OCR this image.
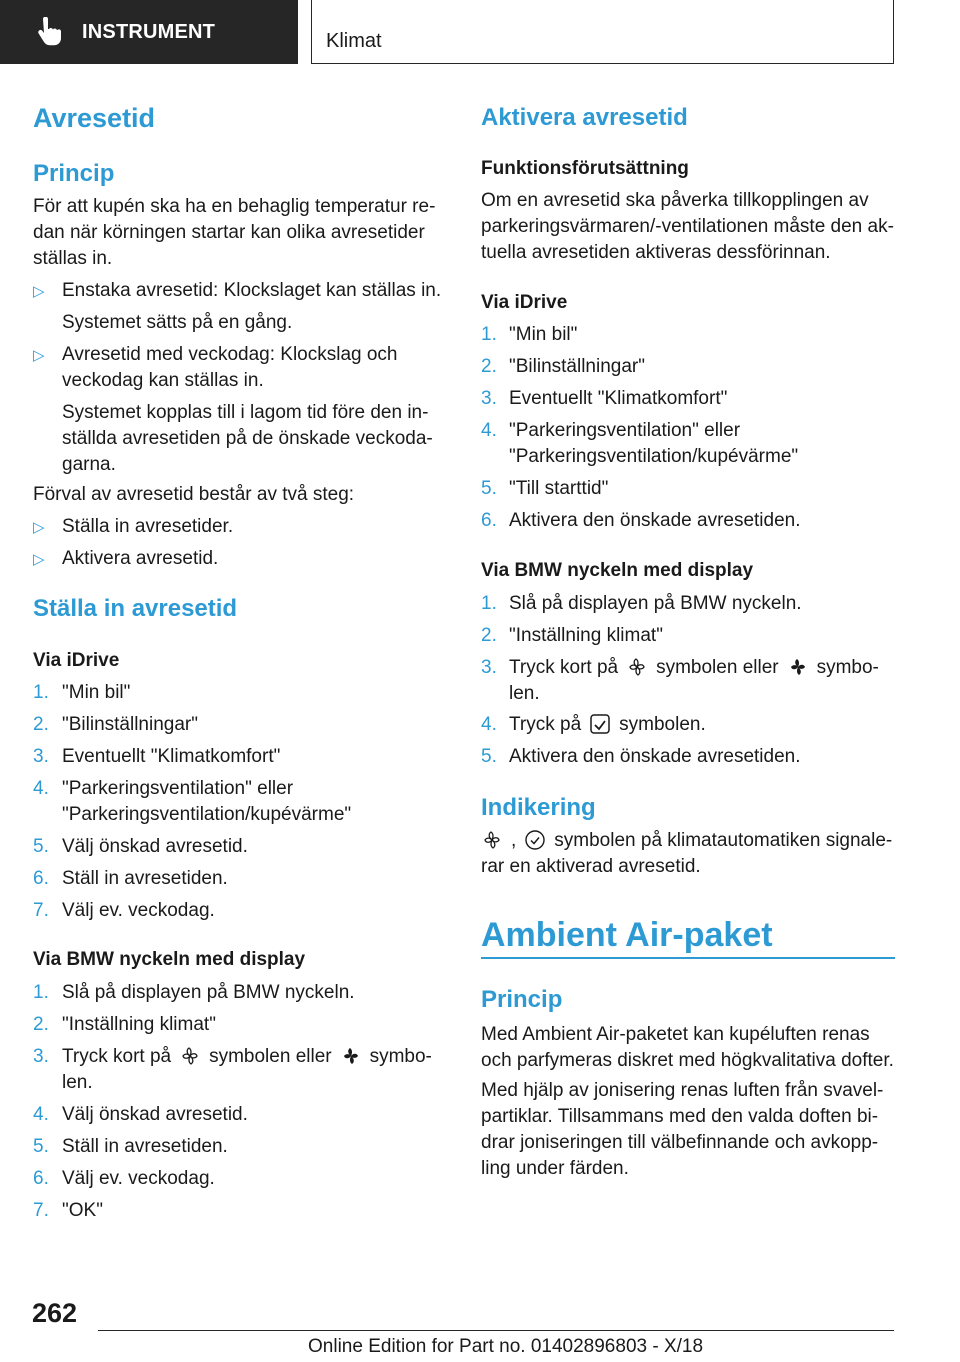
INSTRUMENT	Klimat
Avresetid
Princip
För att kupén ska ha en behaglig temperatur re-
dan när körningen startar kan olika avresetider
ställas in.
▷ Enstaka avresetid: Klockslaget kan ställas in.
Systemet sätts på en gång.
▷ Avresetid med veckodag: Klockslag och
veckodag kan ställas in.
Systemet kopplas till i lagom tid före den in-
ställda avresetiden på de önskade veckoda-
garna.
Förval av avresetid består av två steg:
▷ Ställa in avresetider.
▷ Aktivera avresetid.
Ställa in avresetid
Via iDrive
1. "Min bil"
2. "Bilinställningar"
3. Eventuellt "Klimatkomfort"
4. "Parkeringsventilation" eller
"Parkeringsventilation/kupévärme"
5. Välj önskad avresetid.
6. Ställ in avresetiden.
7. Välj ev. veckodag.
Via BMW nyckeln med display
1. Slå på displayen på BMW nyckeln.
2. "Inställning klimat"
3. Tryck kort på symbolen eller symbo-
len.
4. Välj önskad avresetid.
5. Ställ in avresetiden.
6. Välj ev. veckodag.
7. "OK"
Aktivera avresetid
Funktionsförutsättning
Om en avresetid ska påverka tillkopplingen av
parkeringsvärmaren/-ventilationen måste den ak-
tuella avresetiden aktiveras dessförinnan.
Via iDrive
1. "Min bil"
2. "Bilinställningar"
3. Eventuellt "Klimatkomfort"
4. "Parkeringsventilation" eller
"Parkeringsventilation/kupévärme"
5. "Till starttid"
6. Aktivera den önskade avresetiden.
Via BMW nyckeln med display
1. Slå på displayen på BMW nyckeln.
2. "Inställning klimat"
3. Tryck kort på symbolen eller symbo-
len.
4. Tryck på symbolen.
5. Aktivera den önskade avresetiden.
Indikering
, symbolen på klimatautomatiken signale-
rar en aktiverad avresetid.
Ambient Air-paket
Princip
Med Ambient Air-paketet kan kupéluften renas
och parfymeras diskret med högkvalitativa dofter.
Med hjälp av jonisering renas luften från svavel-
partiklar. Tillsammans med den valda doften bi-
drar joniseringen till välbefinnande och avkopp-
ling under färden.
262
Online Edition for Part no. 01402896803 - X/18
